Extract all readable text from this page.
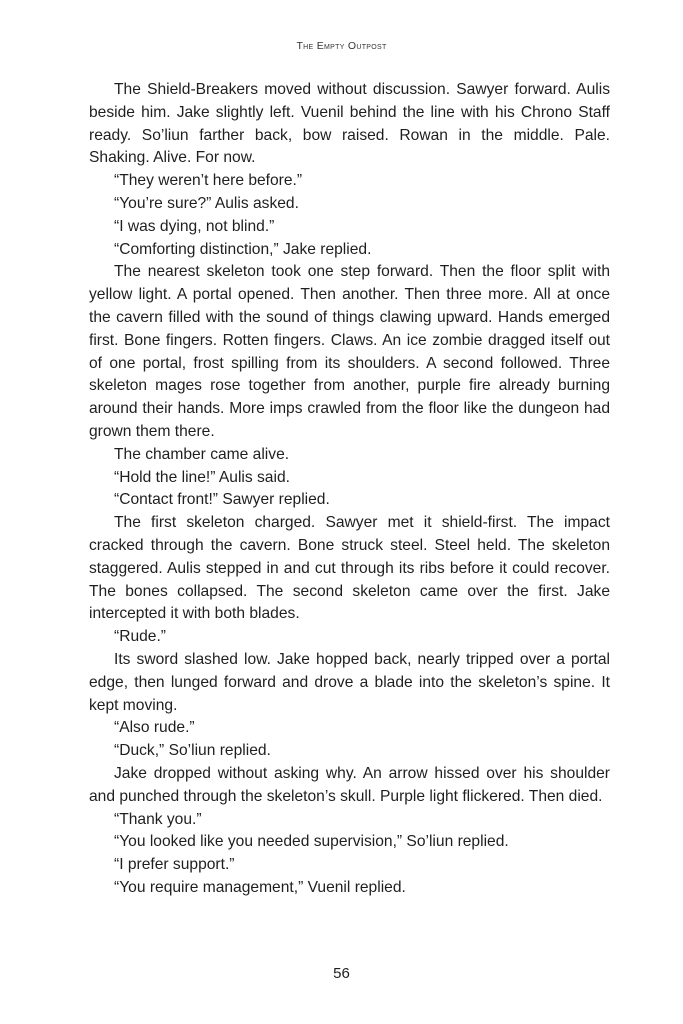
The Empty Outpost

The Shield-Breakers moved without discussion. Sawyer forward. Aulis beside him. Jake slightly left. Vuenil behind the line with his Chrono Staff ready. So’liun farther back, bow raised. Rowan in the middle. Pale. Shaking. Alive. For now.

“They weren’t here before.”

“You’re sure?” Aulis asked.

“I was dying, not blind.”

“Comforting distinction,” Jake replied.

The nearest skeleton took one step forward. Then the floor split with yellow light. A portal opened. Then another. Then three more. All at once the cavern filled with the sound of things clawing upward. Hands emerged first. Bone fingers. Rotten fingers. Claws. An ice zombie dragged itself out of one portal, frost spilling from its shoulders. A second followed. Three skeleton mages rose together from another, purple fire already burning around their hands. More imps crawled from the floor like the dungeon had grown them there.

The chamber came alive.

“Hold the line!” Aulis said.

“Contact front!” Sawyer replied.

The first skeleton charged. Sawyer met it shield-first. The impact cracked through the cavern. Bone struck steel. Steel held. The skeleton staggered. Aulis stepped in and cut through its ribs before it could recover. The bones collapsed. The second skeleton came over the first. Jake intercepted it with both blades.

“Rude.”

Its sword slashed low. Jake hopped back, nearly tripped over a portal edge, then lunged forward and drove a blade into the skeleton’s spine. It kept moving.

“Also rude.”

“Duck,” So’liun replied.

Jake dropped without asking why. An arrow hissed over his shoulder and punched through the skeleton’s skull. Purple light flickered. Then died.

“Thank you.”

“You looked like you needed supervision,” So’liun replied.

“I prefer support.”

“You require management,” Vuenil replied.

56
